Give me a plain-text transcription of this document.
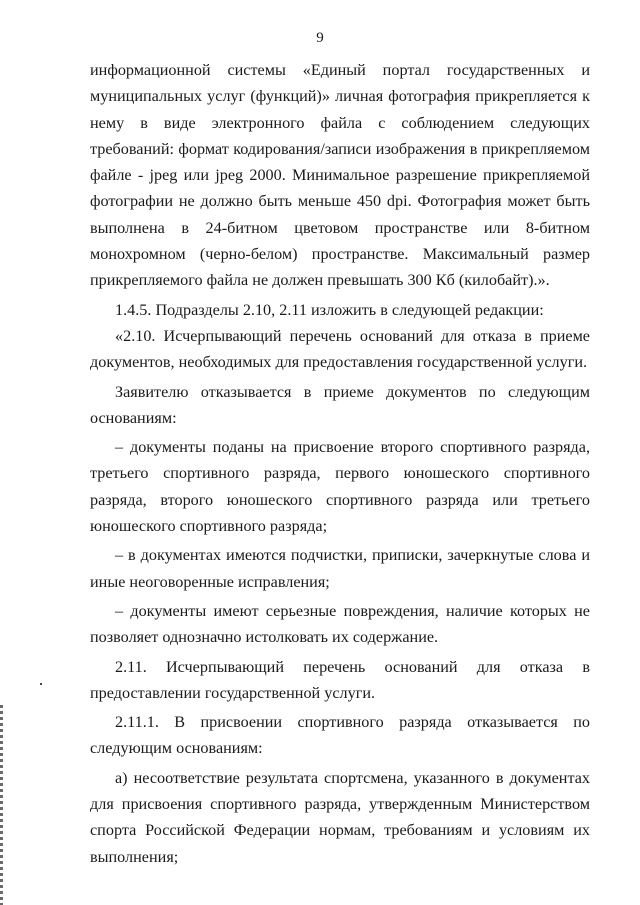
9

информационной системы «Единый портал государственных и муниципальных услуг (функций)» личная фотография прикрепляется к нему в виде электронного файла с соблюдением следующих требований: формат кодирования/записи изображения в прикрепляемом файле - jpeg или jpeg 2000. Минимальное разрешение прикрепляемой фотографии не должно быть меньше 450 dpi. Фотография может быть выполнена в 24-битном цветовом пространстве или 8-битном монохромном (черно-белом) пространстве. Максимальный размер прикрепляемого файла не должен превышать 300 Кб (килобайт).».

1.4.5. Подразделы 2.10, 2.11 изложить в следующей редакции:

«2.10. Исчерпывающий перечень оснований для отказа в приеме документов, необходимых для предоставления государственной услуги.

Заявителю отказывается в приеме документов по следующим основаниям:

– документы поданы на присвоение второго спортивного разряда, третьего спортивного разряда, первого юношеского спортивного разряда, второго юношеского спортивного разряда или третьего юношеского спортивного разряда;

– в документах имеются подчистки, приписки, зачеркнутые слова и иные неоговоренные исправления;

– документы имеют серьезные повреждения, наличие которых не позволяет однозначно истолковать их содержание.

2.11. Исчерпывающий перечень оснований для отказа в предоставлении государственной услуги.

2.11.1. В присвоении спортивного разряда отказывается по следующим основаниям:

а) несоответствие результата спортсмена, указанного в документах для присвоения спортивного разряда, утвержденным Министерством спорта Российской Федерации нормам, требованиям и условиям их выполнения;
